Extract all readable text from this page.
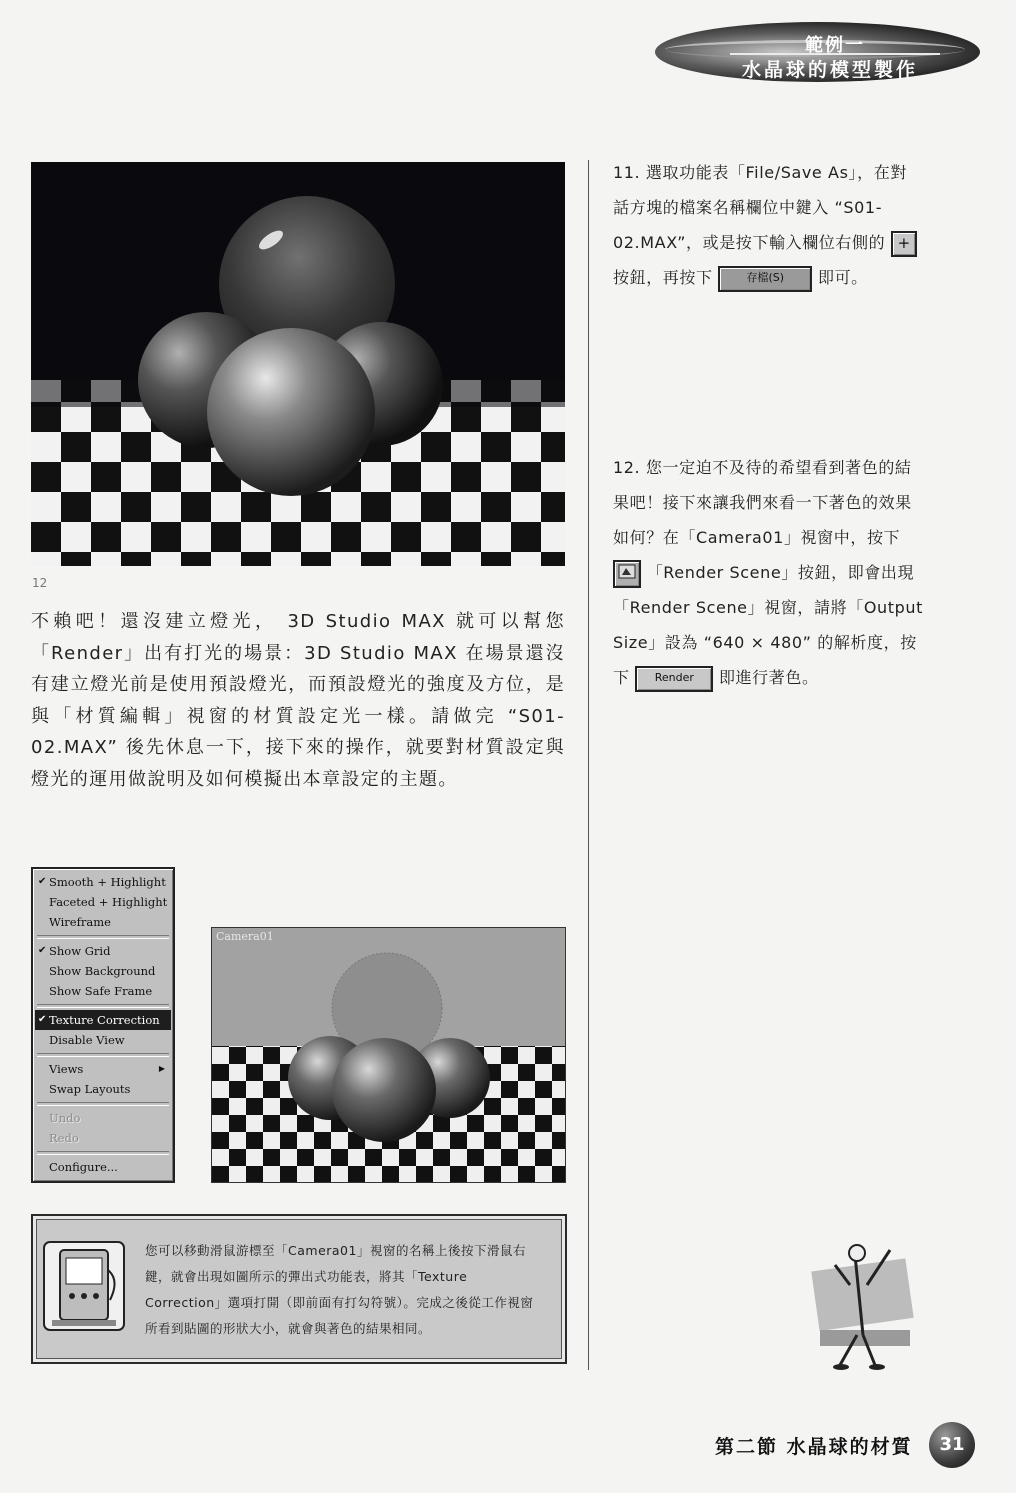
範例一
水晶球的模型製作
12
不賴吧！還沒建立燈光， 3D Studio MAX 就可以幫您「Render」出有打光的場景：3D Studio MAX 在場景還沒有建立燈光前是使用預設燈光，而預設燈光的強度及方位，是與「材質編輯」視窗的材質設定光一樣。請做完 “S01-02.MAX” 後先休息一下，接下來的操作，就要對材質設定與燈光的運用做說明及如何模擬出本章設定的主題。
11. 選取功能表「File/Save As」，在對話方塊的檔案名稱欄位中鍵入 “S01-02.MAX”，或是按下輸入欄位右側的 + 按鈕，再按下	存檔(S) 即可。
12. 您一定迫不及待的希望看到著色的結果吧！接下來讓我們來看一下著色的效果如何？在「Camera01」視窗中，按下  「Render Scene」按鈕，即會出現「Render Scene」視窗，請將「Output Size」設為 “640 × 480” 的解析度，按下 Render 即進行著色。
✔ Smooth + Highlight
Faceted + Highlight
Wireframe
✔ Show Grid
Show Background
Show Safe Frame
✔ Texture Correction
Disable View
Views	▶
Swap Layouts
Undo
Redo
Configure...
Camera01
您可以移動滑鼠游標至「Camera01」視窗的名稱上後按下滑鼠右鍵，就會出現如圖所示的彈出式功能表，將其「Texture Correction」選項打開（即前面有打勾符號）。完成之後從工作視窗所看到貼圖的形狀大小，就會與著色的結果相同。
第二節 水晶球的材質	31
